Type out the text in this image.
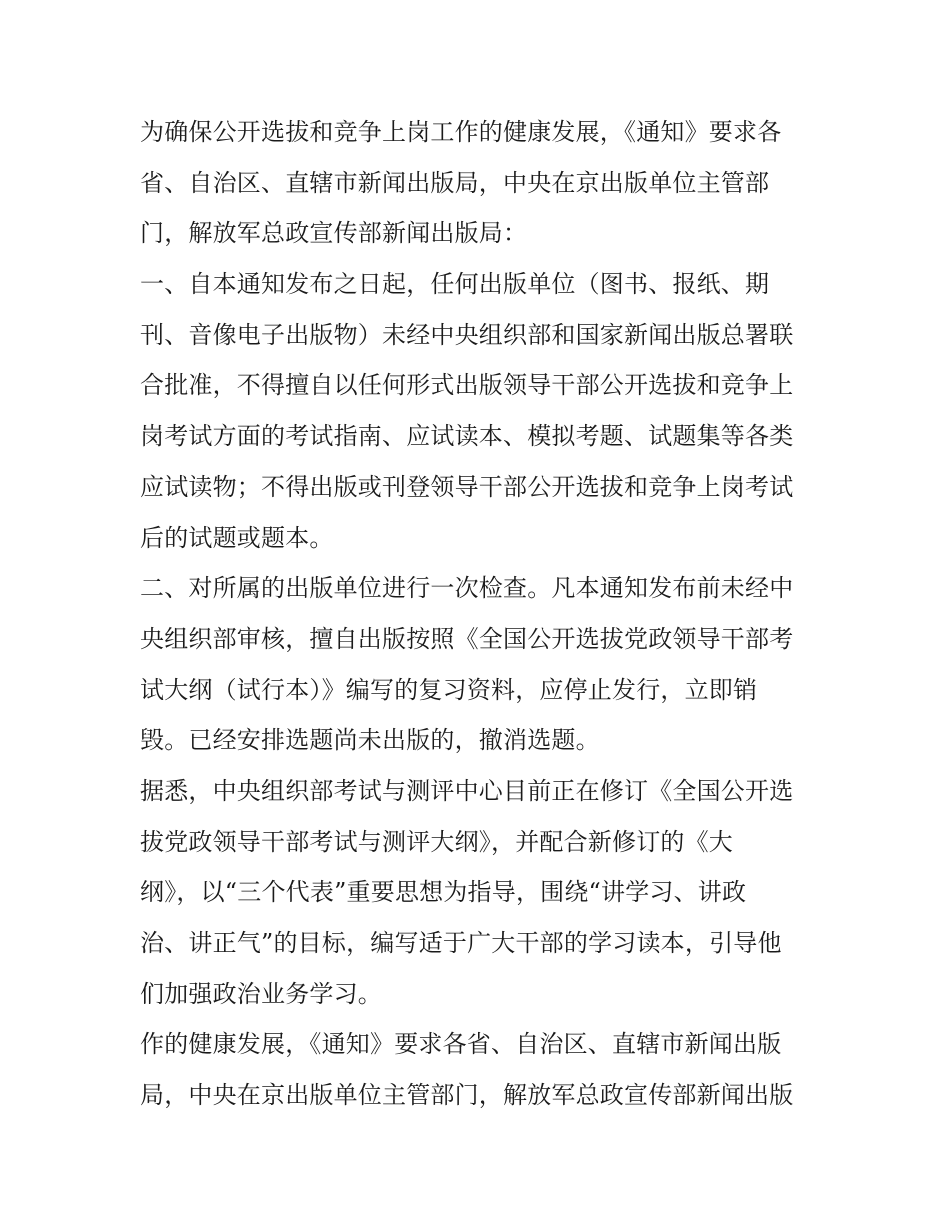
为确保公开选拔和竞争上岗工作的健康发展，《通知》要求各
省、自治区、直辖市新闻出版局，中央在京出版单位主管部
门，解放军总政宣传部新闻出版局：
一、自本通知发布之日起，任何出版单位（图书、报纸、期
刊、音像电子出版物）未经中央组织部和国家新闻出版总署联
合批准，不得擅自以任何形式出版领导干部公开选拔和竞争上
岗考试方面的考试指南、应试读本、模拟考题、试题集等各类
应试读物；不得出版或刊登领导干部公开选拔和竞争上岗考试
后的试题或题本。
二、对所属的出版单位进行一次检查。凡本通知发布前未经中
央组织部审核，擅自出版按照《全国公开选拔党政领导干部考
试大纲（试行本）》编写的复习资料，应停止发行，立即销
毁。已经安排选题尚未出版的，撤消选题。
据悉，中央组织部考试与测评中心目前正在修订《全国公开选
拔党政领导干部考试与测评大纲》，并配合新修订的《大
纲》，以“三个代表”重要思想为指导，围绕“讲学习、讲政
治、讲正气”的目标，编写适于广大干部的学习读本，引导他
们加强政治业务学习。
作的健康发展，《通知》要求各省、自治区、直辖市新闻出版
局，中央在京出版单位主管部门，解放军总政宣传部新闻出版
